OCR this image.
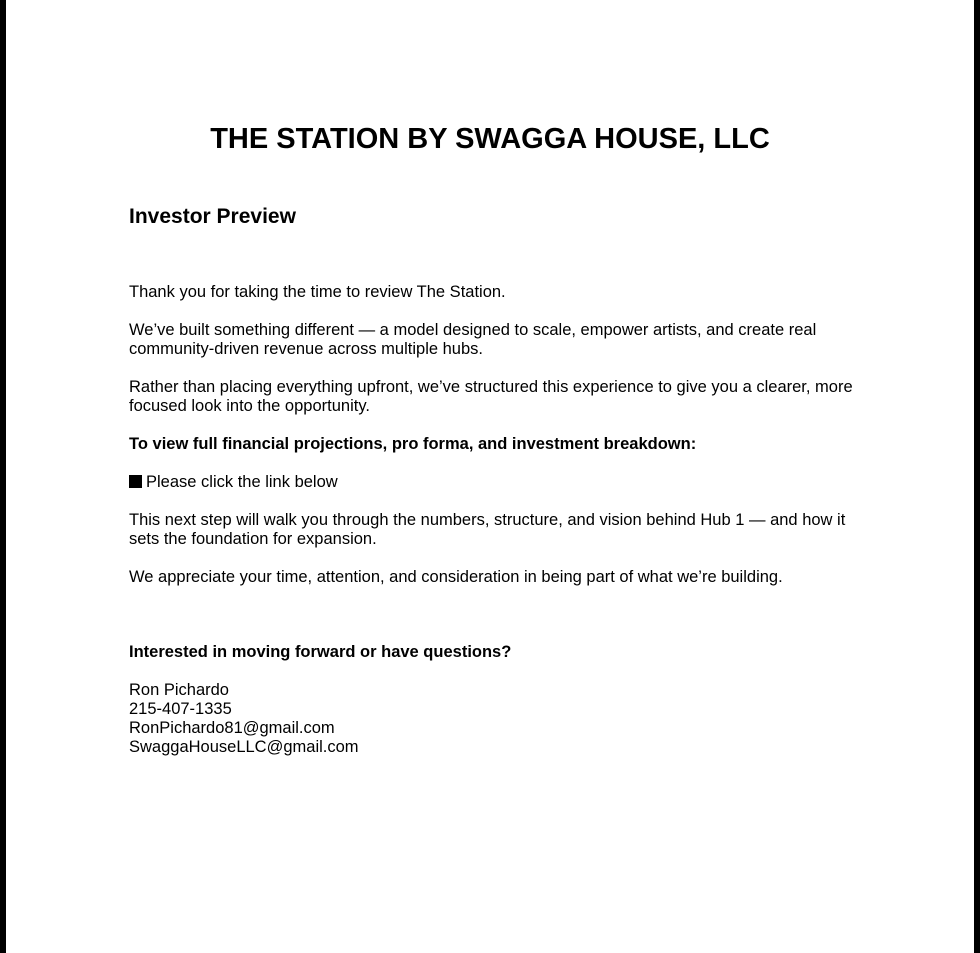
THE STATION BY SWAGGA HOUSE, LLC
Investor Preview

Thank you for taking the time to review The Station.

We’ve built something different — a model designed to scale, empower artists, and create real community-driven revenue across multiple hubs.

Rather than placing everything upfront, we’ve structured this experience to give you a clearer, more focused look into the opportunity.

To view full financial projections, pro forma, and investment breakdown:

Please click the link below

This next step will walk you through the numbers, structure, and vision behind Hub 1 — and how it sets the foundation for expansion.

We appreciate your time, attention, and consideration in being part of what we’re building.

Interested in moving forward or have questions?

Ron Pichardo
215-407-1335
RonPichardo81@gmail.com
SwaggaHouseLLC@gmail.com
